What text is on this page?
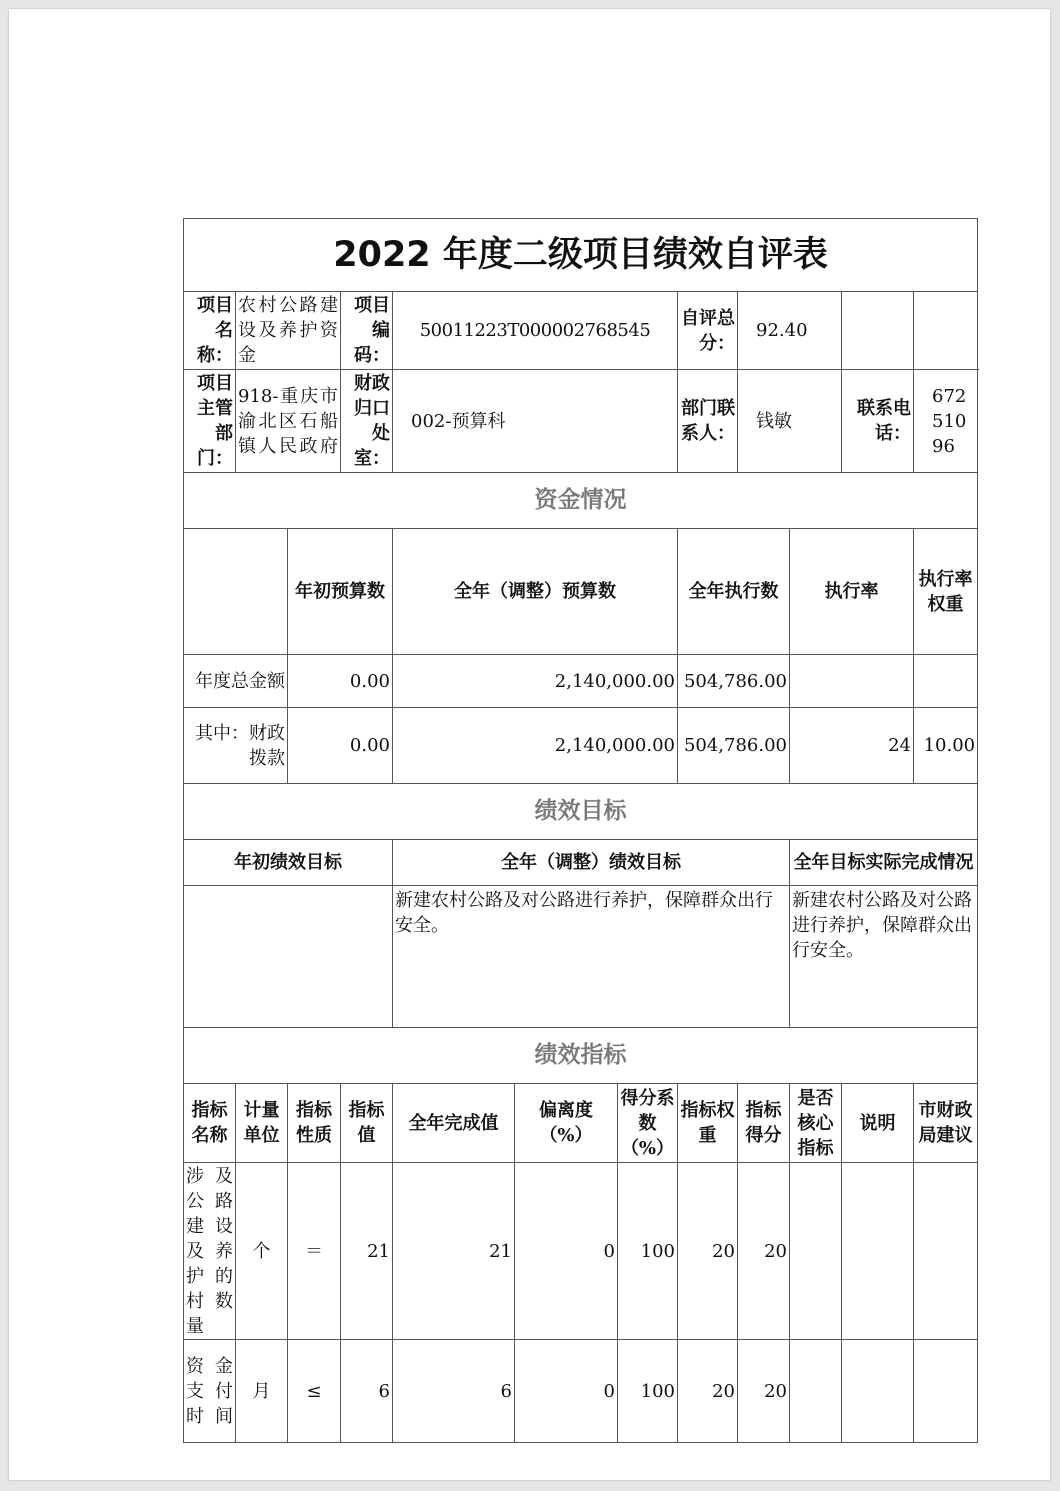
2022 年度二级项目绩效自评表												
项目名称：	农村公路建设及养护资金		项目编码：	50011223T000002768545			自评总分：	92.40				
项目主管部门：	918-重庆市渝北区石船镇人民政府		财政归口处室：	002-预算科			部门联系人：	钱敏		联系电话：	67251096	
资金情况												
		年初预算数		全年（调整）预算数			全年执行数		执行率		执行率权重	
年度总金额		0.00		2,140,000.00			504,786.00					
其中：财政拨款		0.00		2,140,000.00			504,786.00		24		10.00	
绩效目标												
年初绩效目标				全年（调整）绩效目标					全年目标实际完成情况			
				新建农村公路及对公路进行养护，保障群众出行安全。					新建农村公路及对公路进行养护，保障群众出行安全。			
绩效指标												
指标名称	计量单位	指标性质	指标值	全年完成值	偏离度（%）	得分系数（%）	指标权重	指标得分	是否核心指标	说明	市财政局建议	
涉及公路建设及养护的村数量	个	＝	21	21	0	100	20	20				
资金支付时间	月	≤	6	6	0	100	20	20				
